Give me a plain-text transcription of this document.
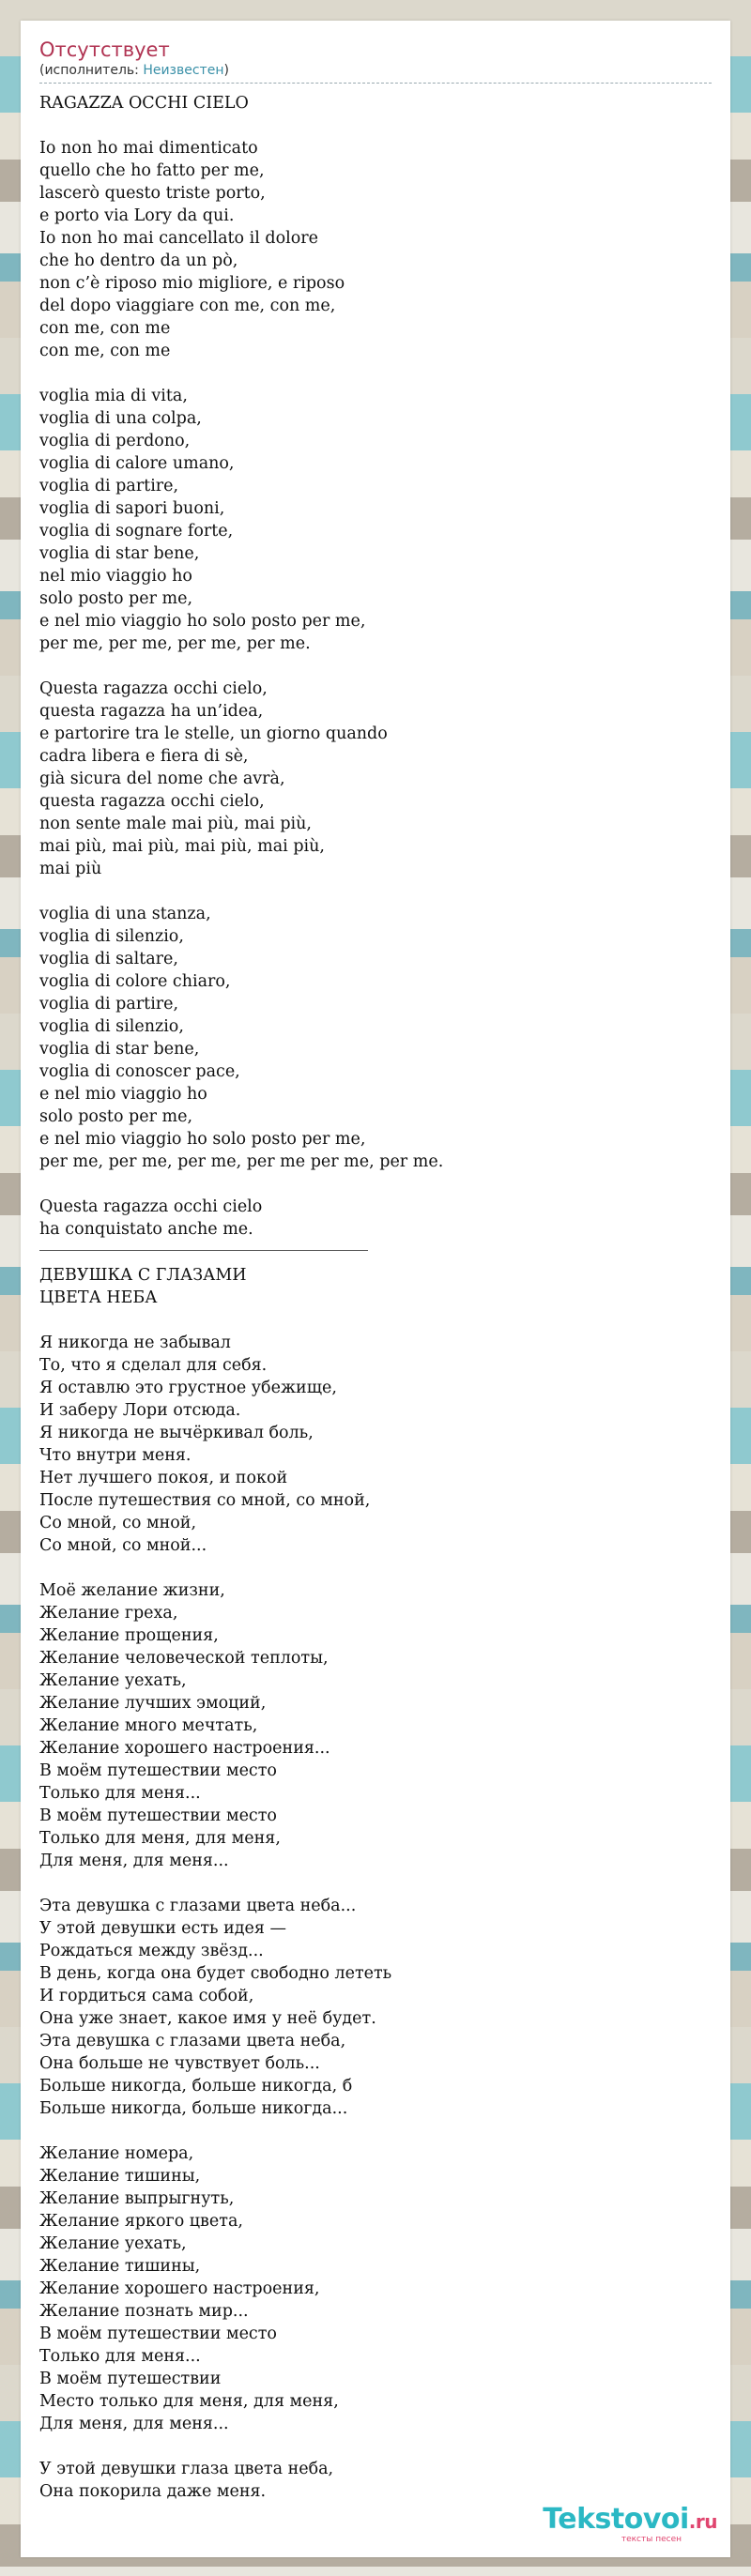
Отсутствует
(исполнитель: Неизвестен)
RAGAZZA OCCHI CIELO
Io non ho mai dimenticato
quello che ho fatto per me,
lascerò questo triste porto,
e porto via Lory da qui.
Io non ho mai cancellato il dolore
che ho dentro da un pò,
non c’è riposo mio migliore, e riposo
del dopo viaggiare con me, con me,
con me, con me
con me, con me
voglia mia di vita,
voglia di una colpa,
voglia di perdono,
voglia di calore umano,
voglia di partire,
voglia di sapori buoni,
voglia di sognare forte,
voglia di star bene,
nel mio viaggio ho
solo posto per me,
e nel mio viaggio ho solo posto per me,
per me, per me, per me, per me.
Questa ragazza occhi cielo,
questa ragazza ha un’idea,
e partorire tra le stelle, un giorno quando
cadra libera e fiera di sè,
già sicura del nome che avrà,
questa ragazza occhi cielo,
non sente male mai più, mai più,
mai più, mai più, mai più, mai più,
mai più
voglia di una stanza,
voglia di silenzio,
voglia di saltare,
voglia di colore chiaro,
voglia di partire,
voglia di silenzio,
voglia di star bene,
voglia di conoscer pace,
e nel mio viaggio ho
solo posto per me,
e nel mio viaggio ho solo posto per me,
per me, per me, per me, per me per me, per me.
Questa ragazza occhi cielo
ha conquistato anche me.
ДЕВУШКА С ГЛАЗАМИ
ЦВЕТА НЕБА
Я никогда не забывал
То, что я сделал для себя.
Я оставлю это грустное убежище,
И заберу Лори отсюда.
Я никогда не вычёркивал боль,
Что внутри меня.
Нет лучшего покоя, и покой
После путешествия со мной, со мной,
Со мной, со мной,
Со мной, со мной...
Моё желание жизни,
Желание греха,
Желание прощения,
Желание человеческой теплоты,
Желание уехать,
Желание лучших эмоций,
Желание много мечтать,
Желание хорошего настроения...
В моём путешествии место
Только для меня...
В моём путешествии место
Только для меня, для меня,
Для меня, для меня...
Эта девушка с глазами цвета неба...
У этой девушки есть идея —
Рождаться между звёзд...
В день, когда она будет свободно лететь
И гордиться сама собой,
Она уже знает, какое имя у неё будет.
Эта девушка с глазами цвета неба,
Она больше не чувствует боль...
Больше никогда, больше никогда, б
Больше никогда, больше никогда...
Желание номера,
Желание тишины,
Желание выпрыгнуть,
Желание яркого цвета,
Желание уехать,
Желание тишины,
Желание хорошего настроения,
Желание познать мир...
В моём путешествии место
Только для меня...
В моём путешествии
Место только для меня, для меня,
Для меня, для меня...
У этой девушки глаза цвета неба,
Она покорила даже меня.
Tekstovoi.ru
тексты песен
